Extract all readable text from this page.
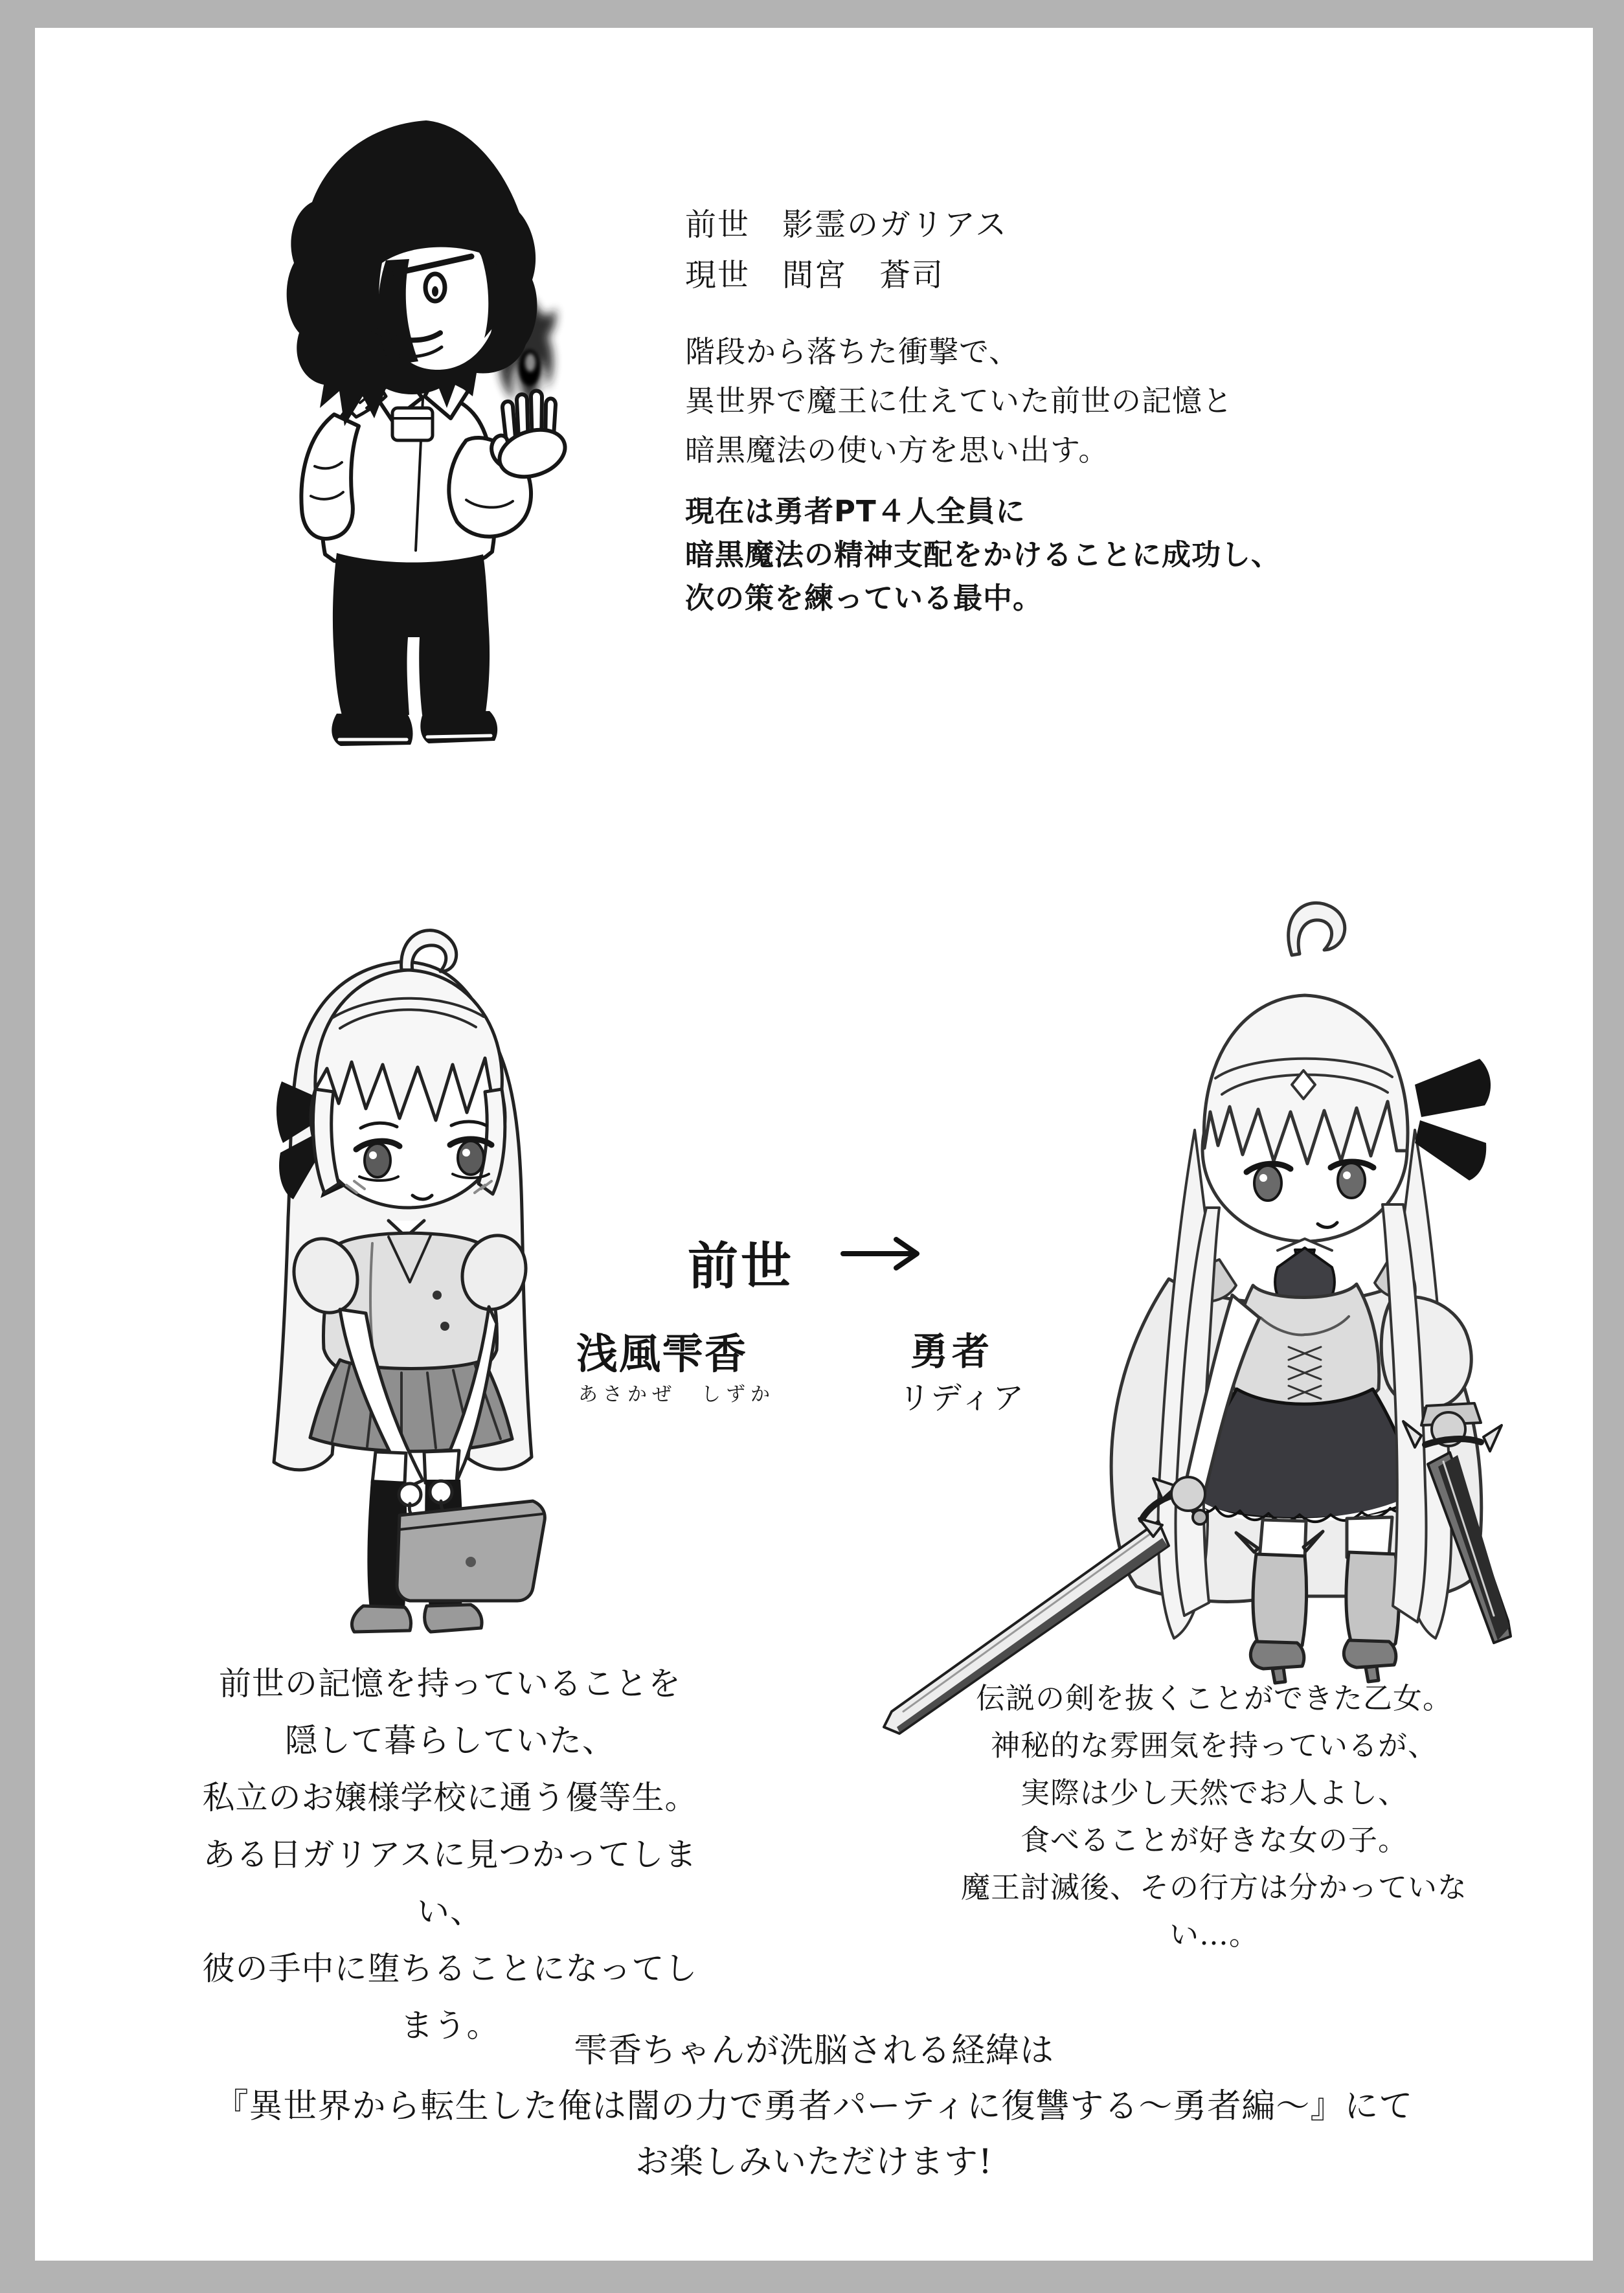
前世　影霊のガリアス
現世　間宮　蒼司
階段から落ちた衝撃で、
異世界で魔王に仕えていた前世の記憶と
暗黒魔法の使い方を思い出す。
現在は勇者PT４人全員に
暗黒魔法の精神支配をかけることに成功し、
次の策を練っている最中。
前世
浅風雫香
あさかぜ　しずか
勇者
リディア
前世の記憶を持っていることを
隠して暮らしていた、
私立のお嬢様学校に通う優等生。
ある日ガリアスに見つかってしまい、
彼の手中に堕ちることになってしまう。
伝説の剣を抜くことができた乙女。
神秘的な雰囲気を持っているが、
実際は少し天然でお人よし、
食べることが好きな女の子。
魔王討滅後、その行方は分かっていない…。
雫香ちゃんが洗脳される経緯は
『異世界から転生した俺は闇の力で勇者パーティに復讐する～勇者編～』にて
お楽しみいただけます!
